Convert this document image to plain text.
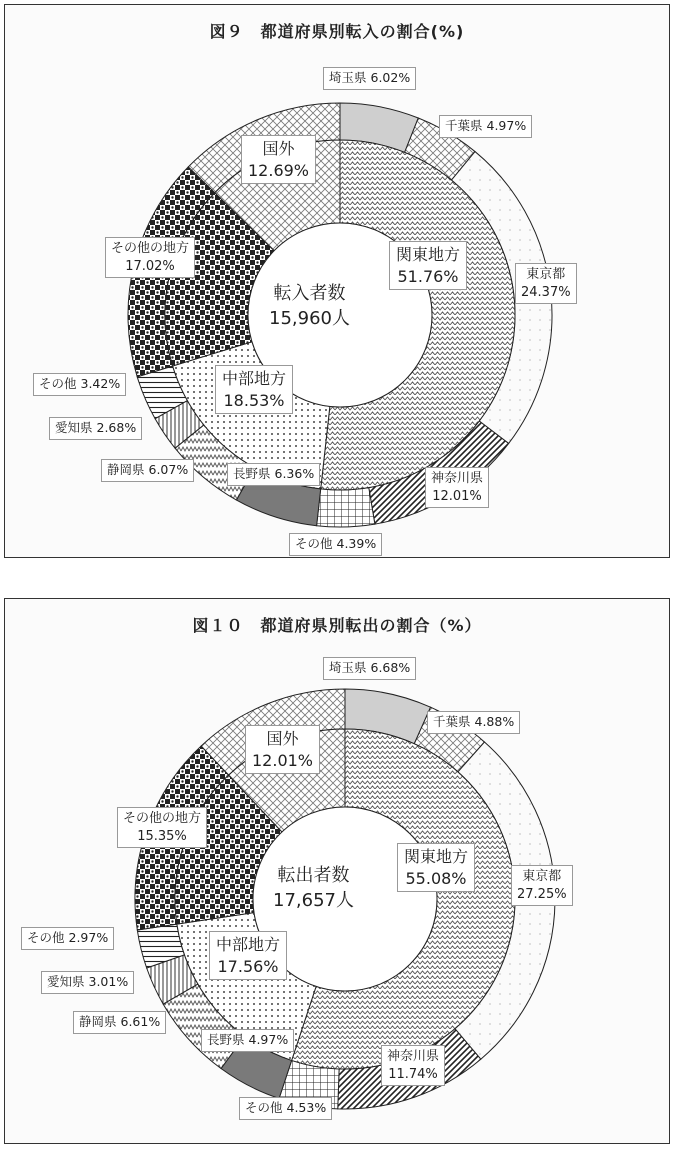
図９　都道府県別転入の割合(%)
転入者数
15,960人
関東地方
51.76%
中部地方
18.53%
その他の地方
17.02%
国外
12.69%
埼玉県 6.02%
千葉県 4.97%
東京都
24.37%
神奈川県
12.01%
その他 4.39%
長野県 6.36%
静岡県 6.07%
愛知県 2.68%
その他 3.42%
図１０　都道府県別転出の割合（%）
転出者数
17,657人
関東地方
55.08%
中部地方
17.56%
その他の地方
15.35%
国外
12.01%
埼玉県 6.68%
千葉県 4.88%
東京都
27.25%
神奈川県
11.74%
その他 4.53%
長野県 4.97%
静岡県 6.61%
愛知県 3.01%
その他 2.97%
